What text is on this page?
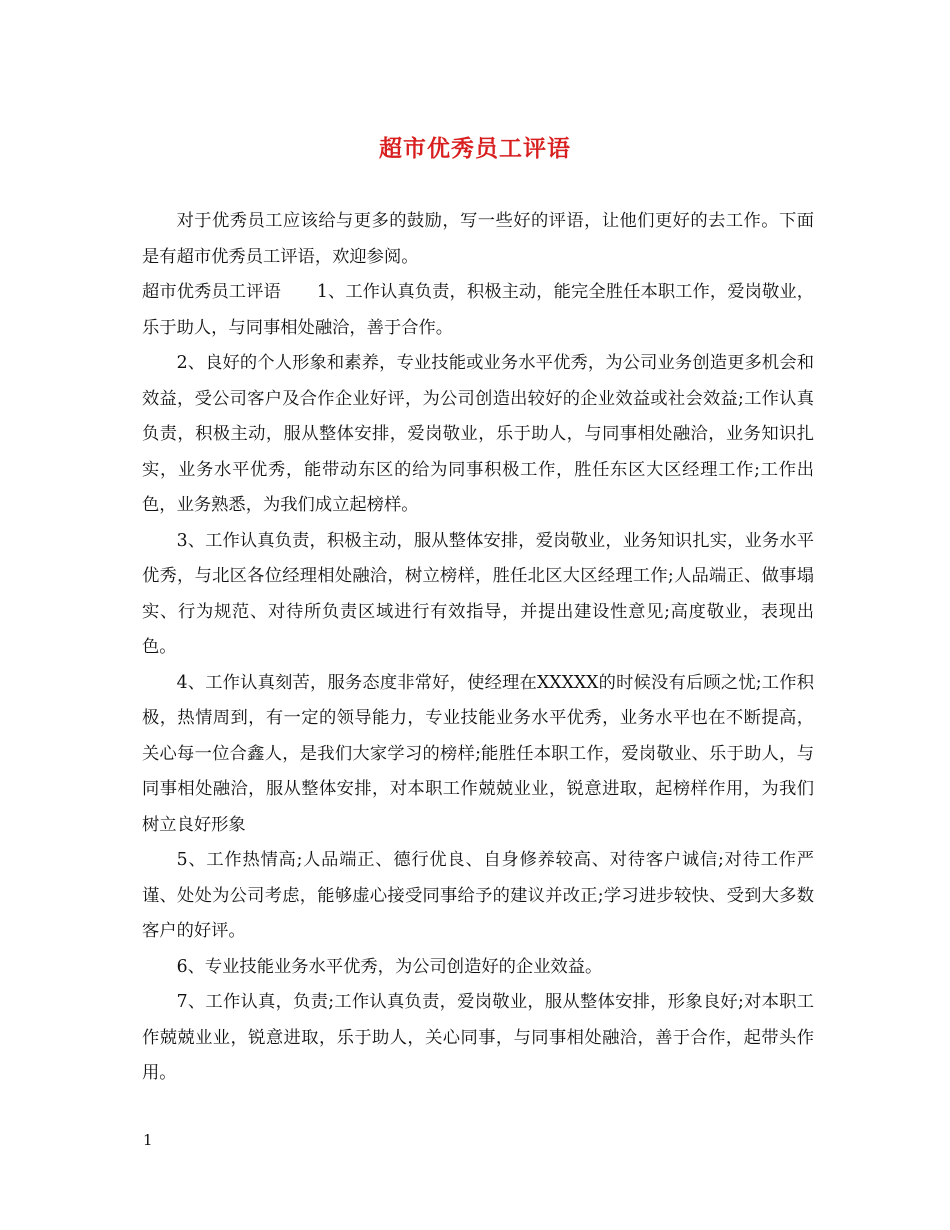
超市优秀员工评语

对于优秀员工应该给与更多的鼓励，写一些好的评语，让他们更好的去工作。下面是有超市优秀员工评语，欢迎参阅。

超市优秀员工评语 1、工作认真负责，积极主动，能完全胜任本职工作，爱岗敬业，乐于助人，与同事相处融洽，善于合作。

2、良好的个人形象和素养，专业技能或业务水平优秀，为公司业务创造更多机会和效益，受公司客户及合作企业好评，为公司创造出较好的企业效益或社会效益;工作认真负责，积极主动，服从整体安排，爱岗敬业，乐于助人，与同事相处融洽，业务知识扎实，业务水平优秀，能带动东区的给为同事积极工作，胜任东区大区经理工作;工作出色，业务熟悉，为我们成立起榜样。

3、工作认真负责，积极主动，服从整体安排，爱岗敬业，业务知识扎实，业务水平优秀，与北区各位经理相处融洽，树立榜样，胜任北区大区经理工作;人品端正、做事塌实、行为规范、对待所负责区域进行有效指导，并提出建设性意见;高度敬业，表现出色。

4、工作认真刻苦，服务态度非常好，使经理在XXXXX的时候没有后顾之忧;工作积极，热情周到，有一定的领导能力，专业技能业务水平优秀，业务水平也在不断提高，关心每一位合鑫人，是我们大家学习的榜样;能胜任本职工作，爱岗敬业、乐于助人，与同事相处融洽，服从整体安排，对本职工作兢兢业业，锐意进取，起榜样作用，为我们树立良好形象

5、工作热情高;人品端正、德行优良、自身修养较高、对待客户诚信;对待工作严谨、处处为公司考虑，能够虚心接受同事给予的建议并改正;学习进步较快、受到大多数客户的好评。

6、专业技能业务水平优秀，为公司创造好的企业效益。

7、工作认真，负责;工作认真负责，爱岗敬业，服从整体安排，形象良好;对本职工作兢兢业业，锐意进取，乐于助人，关心同事，与同事相处融洽，善于合作，起带头作用。

1
